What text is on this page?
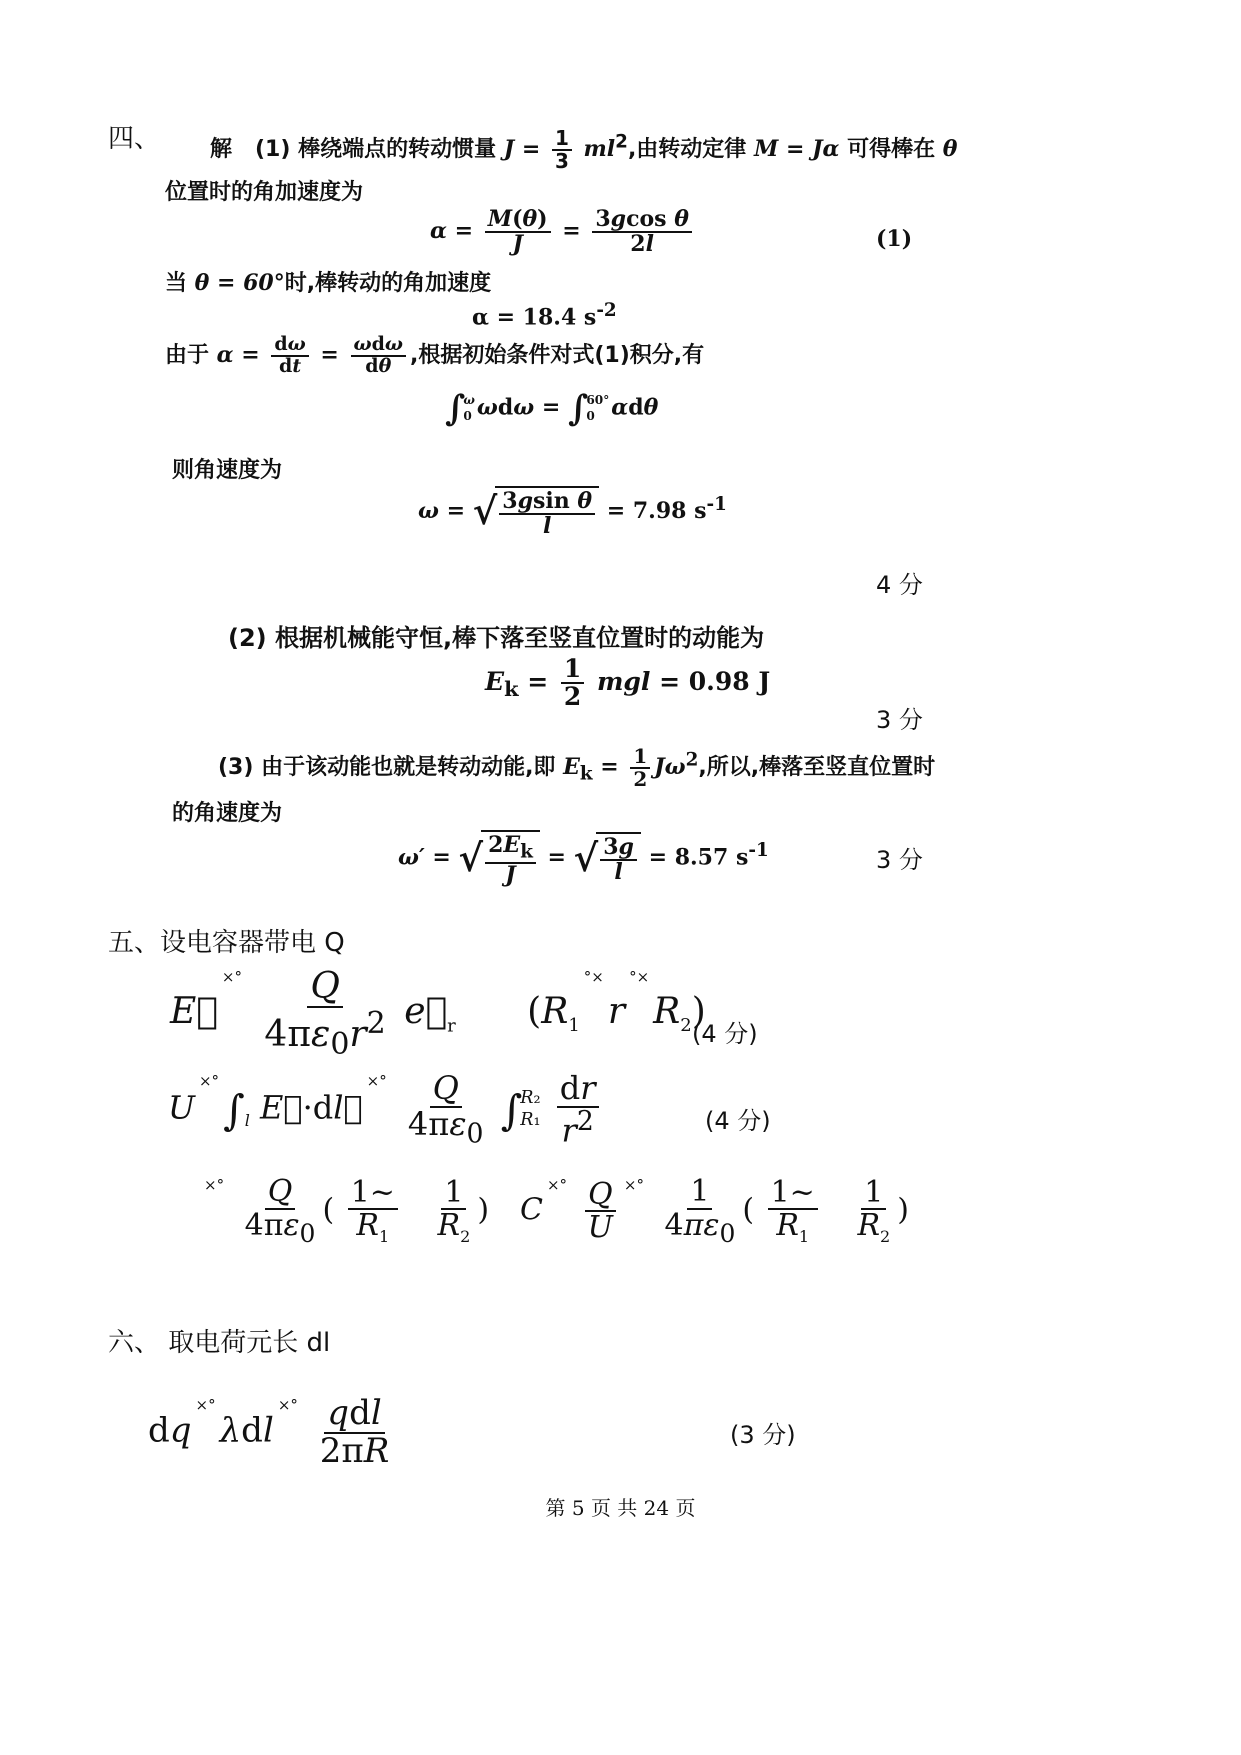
四、 解 (1) 棒绕端点的转动惯量 $J = \frac{1}{3} ml^2$,由转动定律 M = Jα 可得棒在 θ
位置时的角加速度为
$\alpha = \frac{M(\theta)}{J} = \frac{\text{3gcos θ}}{2l}$	(1)
当 θ = 60°时,棒转动的角加速度
α = 18.4 $s^{-2}$
由于 $\alpha = \frac{d\omega}{dt} = \frac{\text{ωdω}}{d\theta}$ ,根据初始条件对式(1)积分,有
∫
ω
0 ωdω = ∫
60°
0 αdθ
则角速度为
ω = √ $\frac{\text{3gsin θ}}{l} = 7.98$ $s^{-1}$
4 分
(2) 根据机械能守恒,棒下落至竖直位置时的动能为
$E_k = \frac{1}{2}$ mgl = 0.98 J
3 分
(3) 由于该动能也就是转动动能,即 $E_k = \frac{1}{2} J\omega^2$,所以,棒落至竖直位置时
的角速度为
ω′ = √ $\frac{2E_k}{J}$ = √ $\frac{3g}{l} = 8.57$ $s^{-1}$	3 分
五、设电容器带电 Q
E⃗×° $\frac{Q}{4\pi\varepsilon_0r^2}$ $e⃗_r$ $(R_1^{^\circ\times}r^{^\circ\times}R_2)$
(4 分)
$U^{\times^\circ}\int_l$ E⃗·dl⃗×° $\frac{Q}{4\pi\varepsilon_0}$ ∫
R₂
R₁
$\frac{dr}{r^2}$	(4 分)
$^{\times^\circ} \frac{Q}{4\pi\varepsilon_0}$ ( $\frac{1\sim}{R_1}$
$\frac{1}{R_2}$ ) $C^{\times^\circ} \frac{Q}{U} ^{\times^\circ} \frac{1}{4\pi\varepsilon_0}$ ( $\frac{1\sim}{R_1}$
$\frac{1}{R_2}$ )
六、 取电荷元长 dl
$dq^{\times^\circ}\lambda dl^{\times^\circ} \frac{\text{qdl}}{2\pi R}$	(3 分)
第 5 页 共 24 页
